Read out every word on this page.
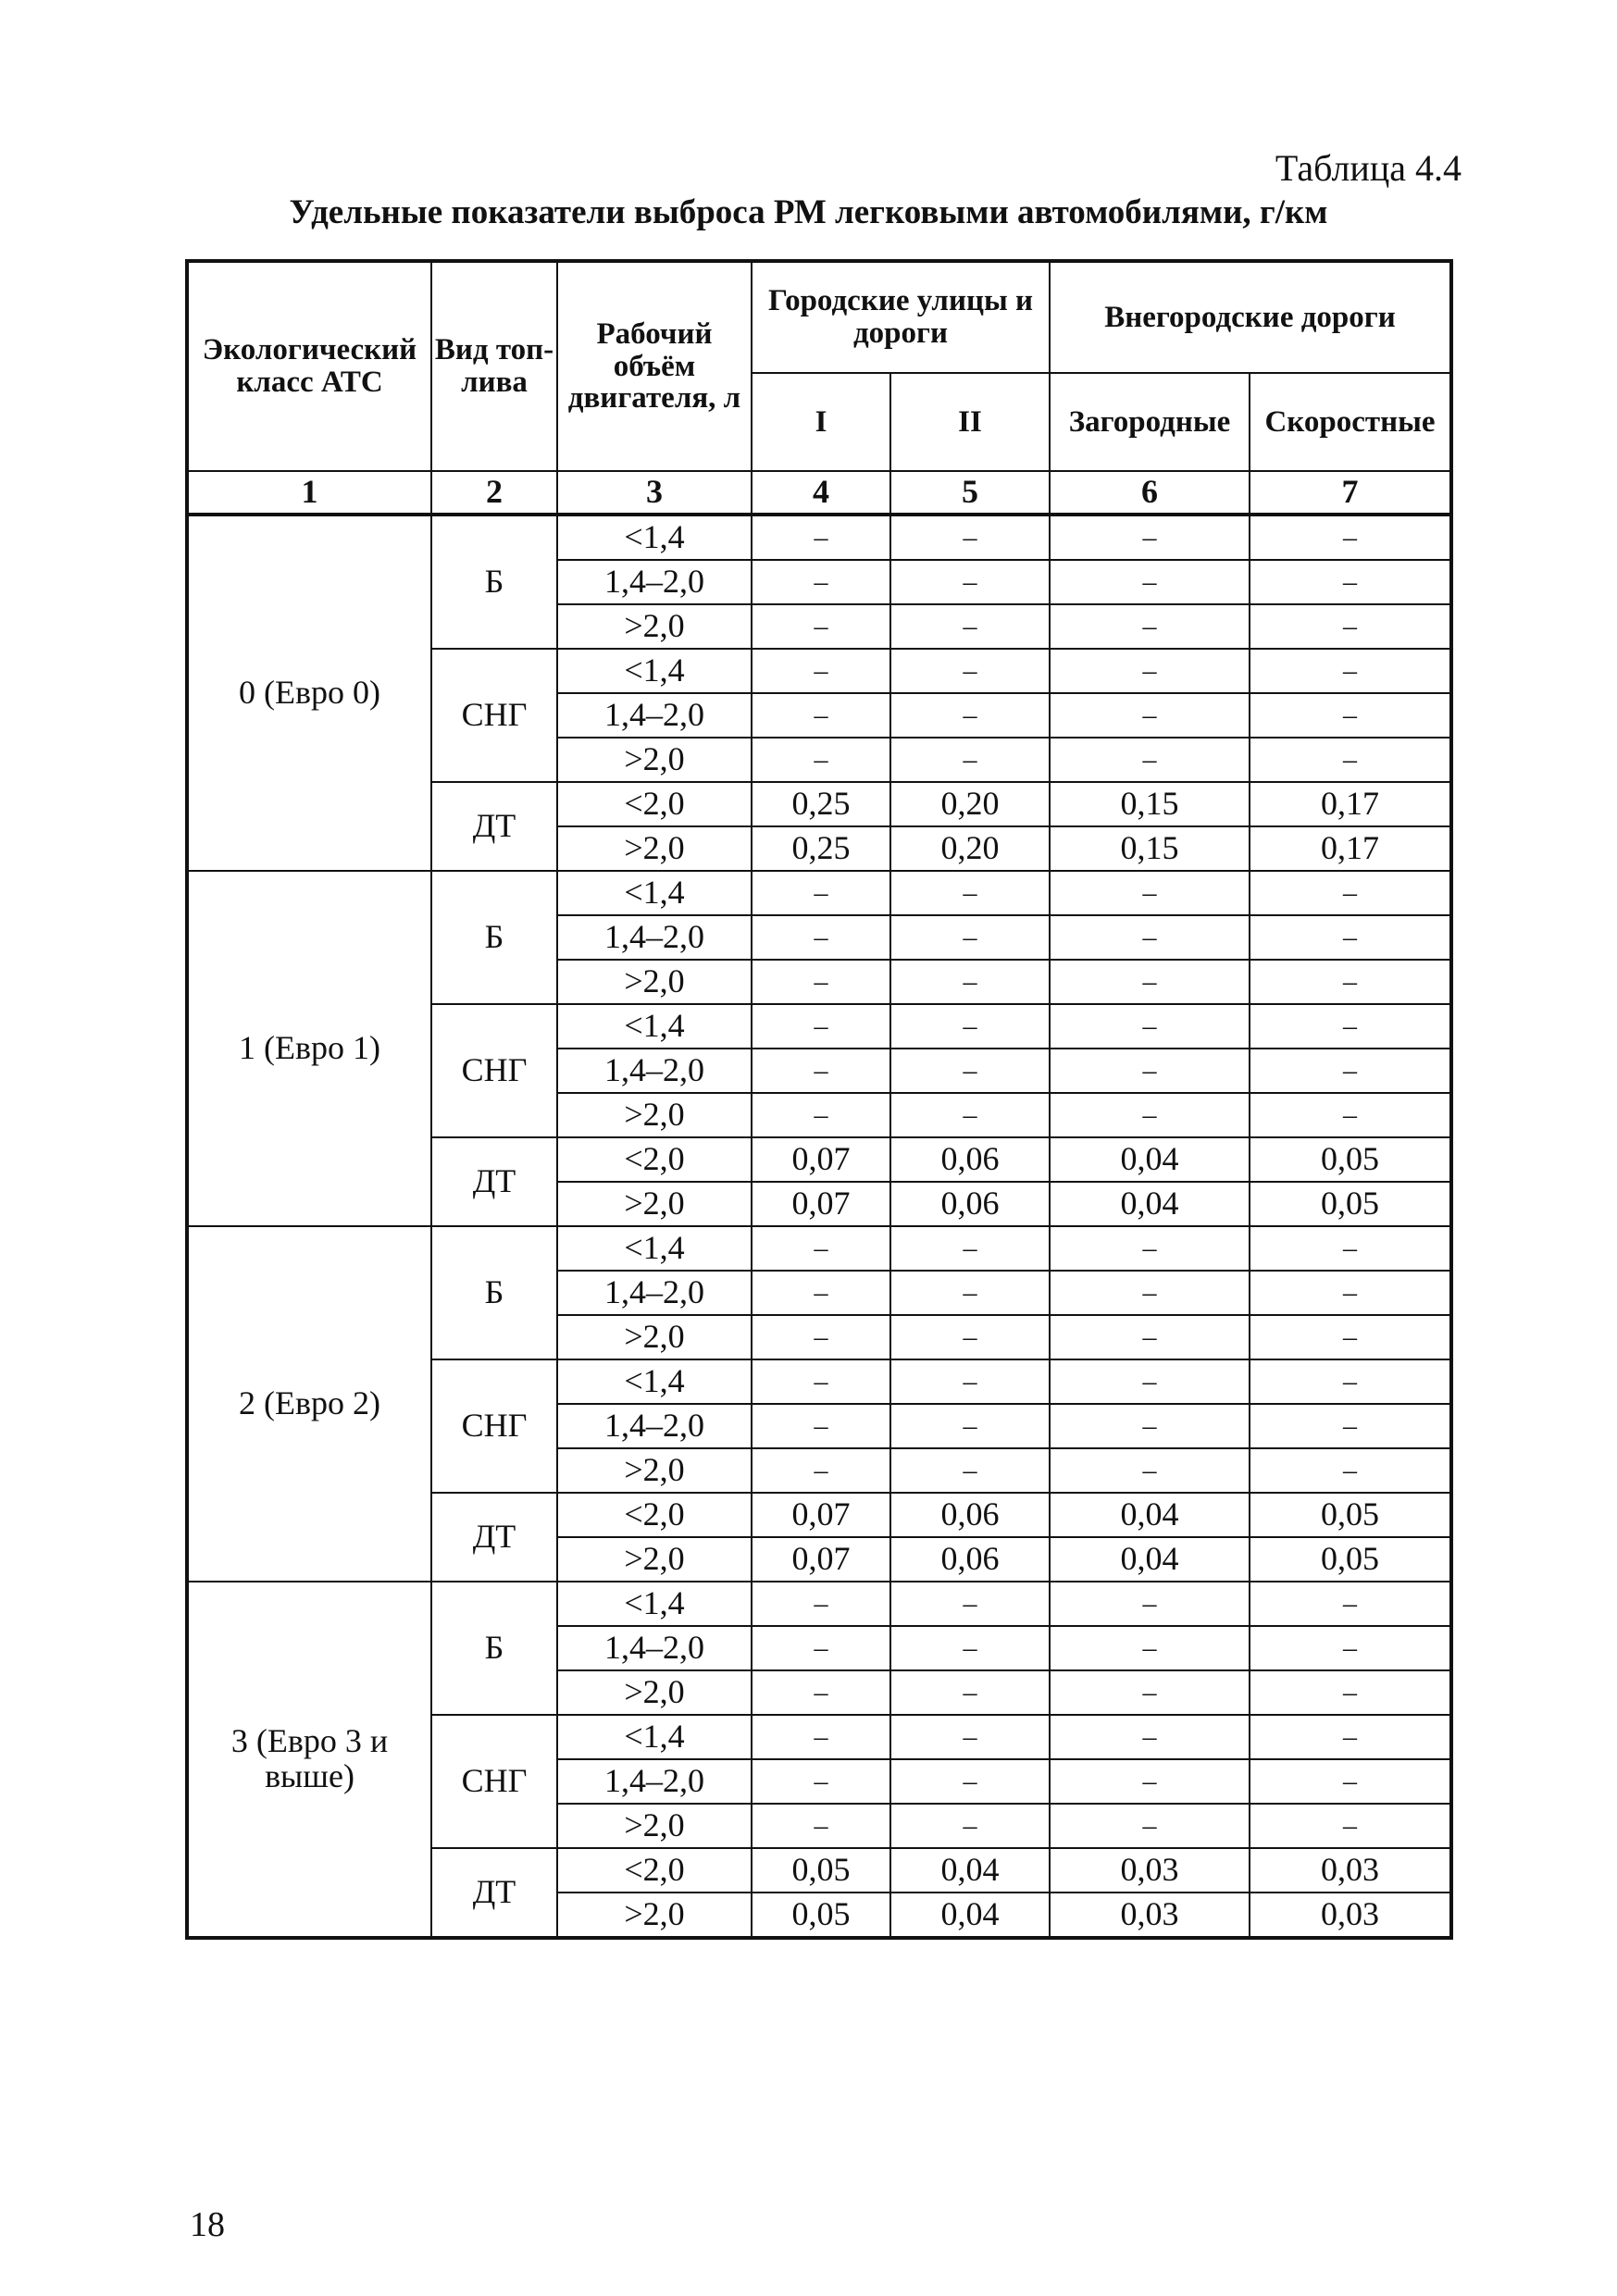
Таблица 4.4
Удельные показатели выброса РМ легковыми автомобилями, г/км
Экологический класс АТС	Вид топ-лива	Рабочий объём двигателя, л	Городские улицы и дороги		Внегородские дороги	
			I	II	Загородные	Скоростные
1	2	3	4	5	6	7
0 (Евро 0)	Б	<1,4	–	–	–	–
		1,4–2,0	–	–	–	–
		>2,0	–	–	–	–
	СНГ	<1,4	–	–	–	–
		1,4–2,0	–	–	–	–
		>2,0	–	–	–	–
	ДТ	<2,0	0,25	0,20	0,15	0,17
		>2,0	0,25	0,20	0,15	0,17
1 (Евро 1)	Б	<1,4	–	–	–	–
		1,4–2,0	–	–	–	–
		>2,0	–	–	–	–
	СНГ	<1,4	–	–	–	–
		1,4–2,0	–	–	–	–
		>2,0	–	–	–	–
	ДТ	<2,0	0,07	0,06	0,04	0,05
		>2,0	0,07	0,06	0,04	0,05
2 (Евро 2)	Б	<1,4	–	–	–	–
		1,4–2,0	–	–	–	–
		>2,0	–	–	–	–
	СНГ	<1,4	–	–	–	–
		1,4–2,0	–	–	–	–
		>2,0	–	–	–	–
	ДТ	<2,0	0,07	0,06	0,04	0,05
		>2,0	0,07	0,06	0,04	0,05
3 (Евро 3 и выше)	Б	<1,4	–	–	–	–
		1,4–2,0	–	–	–	–
		>2,0	–	–	–	–
	СНГ	<1,4	–	–	–	–
		1,4–2,0	–	–	–	–
		>2,0	–	–	–	–
	ДТ	<2,0	0,05	0,04	0,03	0,03
		>2,0	0,05	0,04	0,03	0,03
18
